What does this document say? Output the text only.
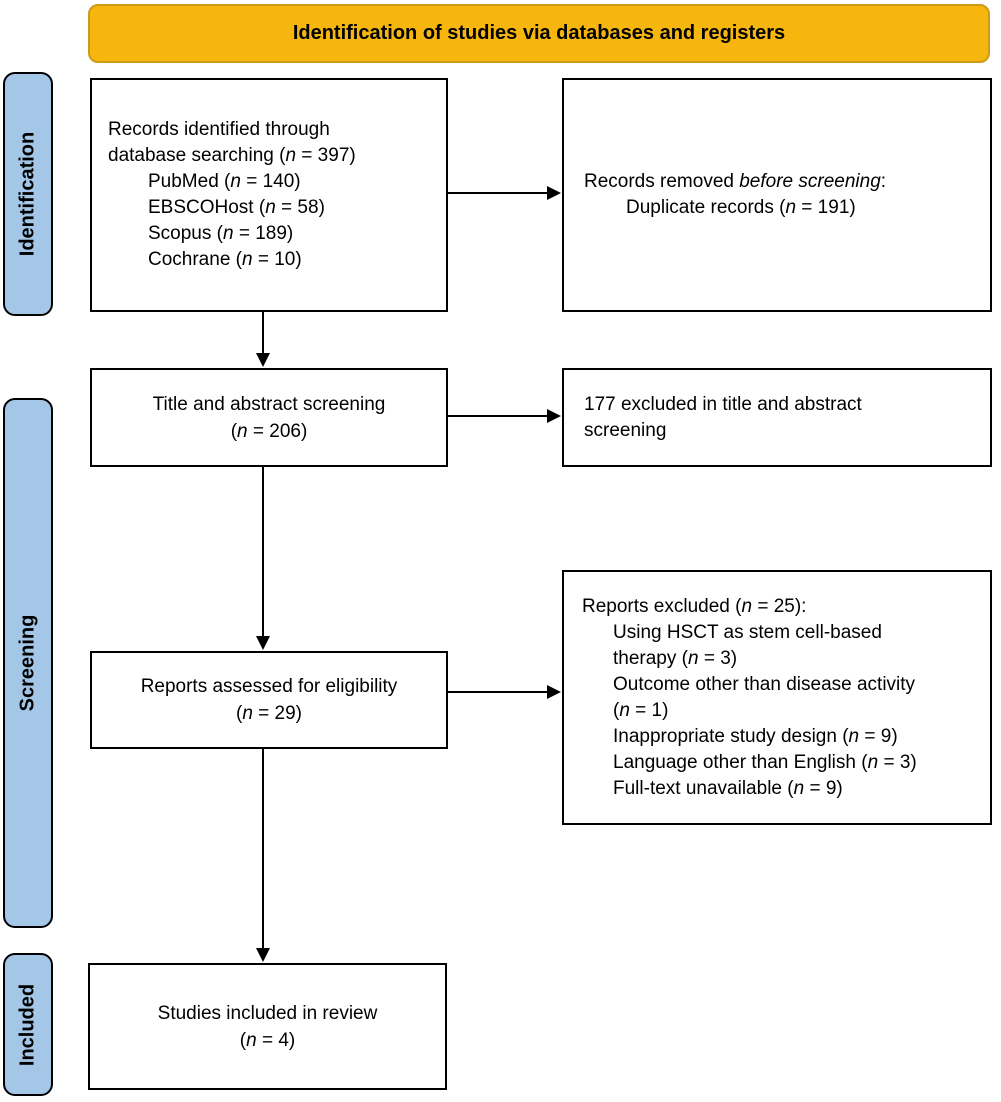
Identification of studies via databases and registers
Identification
Screening
Included
Records identified through
database searching (n = 397)
PubMed (n = 140)
EBSCOHost (n = 58)
Scopus (n = 189)
Cochrane (n = 10)
Records removed before screening:
Duplicate records (n = 191)
Title and abstract screening
(n = 206)
177 excluded in title and abstract
screening
Reports assessed for eligibility
(n = 29)
Reports excluded (n = 25):
Using HSCT as stem cell-based
therapy (n = 3)
Outcome other than disease activity
(n = 1)
Inappropriate study design (n = 9)
Language other than English (n = 3)
Full-text unavailable (n = 9)
Studies included in review
(n = 4)
